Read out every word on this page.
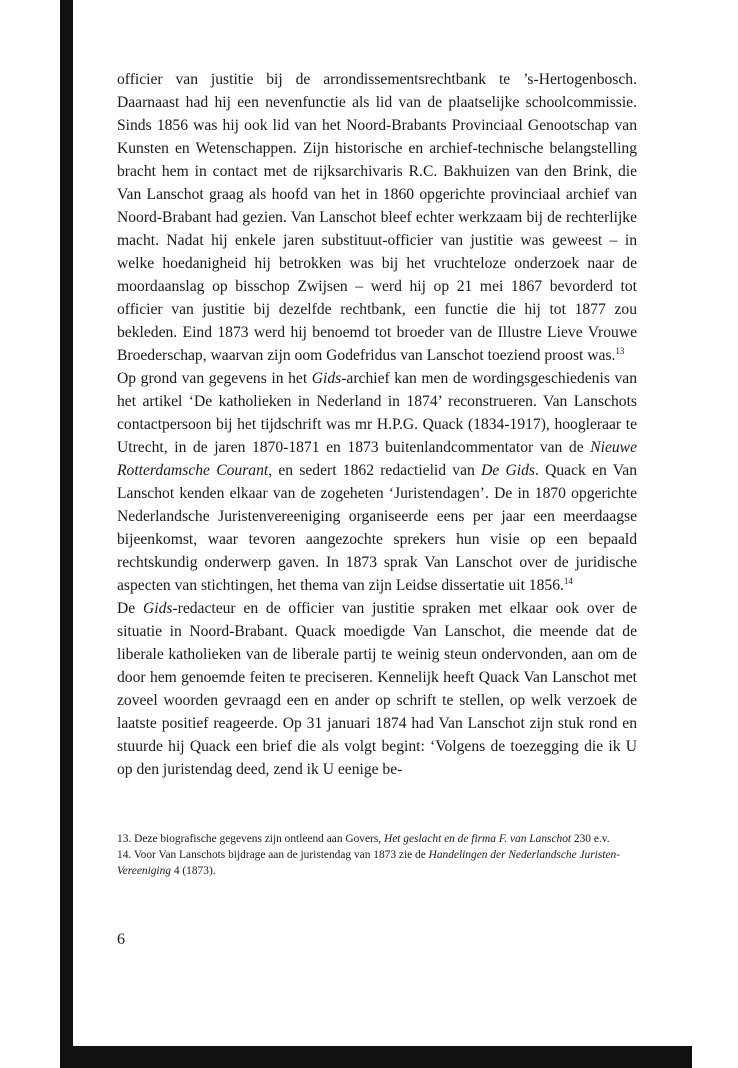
officier van justitie bij de arrondissementsrechtbank te ’s-Hertogenbosch. Daarnaast had hij een nevenfunctie als lid van de plaatselijke schoolcommissie. Sinds 1856 was hij ook lid van het Noord-Brabants Provinciaal Genootschap van Kunsten en Wetenschappen. Zijn historische en archief-technische belangstelling bracht hem in contact met de rijksarchivaris R.C. Bakhuizen van den Brink, die Van Lanschot graag als hoofd van het in 1860 opgerichte provinciaal archief van Noord-Brabant had gezien. Van Lanschot bleef echter werkzaam bij de rechterlijke macht. Nadat hij enkele jaren substituut-officier van justitie was geweest – in welke hoedanigheid hij betrokken was bij het vruchteloze onderzoek naar de moordaanslag op bisschop Zwijsen – werd hij op 21 mei 1867 bevorderd tot officier van justitie bij dezelfde rechtbank, een functie die hij tot 1877 zou bekleden. Eind 1873 werd hij benoemd tot broeder van de Illustre Lieve Vrouwe Broederschap, waarvan zijn oom Godefridus van Lanschot toeziend proost was.$^{13}$

Op grond van gegevens in het Gids-archief kan men de wordingsgeschiedenis van het artikel ‘De katholieken in Nederland in 1874’ reconstrueren. Van Lanschots contactpersoon bij het tijdschrift was mr H.P.G. Quack (1834-1917), hoogleraar te Utrecht, in de jaren 1870-1871 en 1873 buitenlandcommentator van de Nieuwe Rotterdamsche Courant, en sedert 1862 redactielid van De Gids. Quack en Van Lanschot kenden elkaar van de zogeheten ‘Juristendagen’. De in 1870 opgerichte Nederlandsche Juristenvereeniging organiseerde eens per jaar een meerdaagse bijeenkomst, waar tevoren aangezochte sprekers hun visie op een bepaald rechtskundig onderwerp gaven. In 1873 sprak Van Lanschot over de juridische aspecten van stichtingen, het thema van zijn Leidse dissertatie uit 1856.14

De Gids-redacteur en de officier van justitie spraken met elkaar ook over de situatie in Noord-Brabant. Quack moedigde Van Lanschot, die meende dat de liberale katholieken van de liberale partij te weinig steun ondervonden, aan om de door hem genoemde feiten te preciseren. Kennelijk heeft Quack Van Lanschot met zoveel woorden gevraagd een en ander op schrift te stellen, op welk verzoek de laatste positief reageerde. Op 31 januari 1874 had Van Lanschot zijn stuk rond en stuurde hij Quack een brief die als volgt begint: ‘Volgens de toezegging die ik U op den juristendag deed, zend ik U eenige be-

13. Deze biografische gegevens zijn ontleend aan Govers, Het geslacht en de firma F. van Lanschot 230 e.v.

14. Voor Van Lanschots bijdrage aan de juristendag van 1873 zie de Handelingen der Nederlandsche Juristen-Vereeniging 4 (1873).

6
